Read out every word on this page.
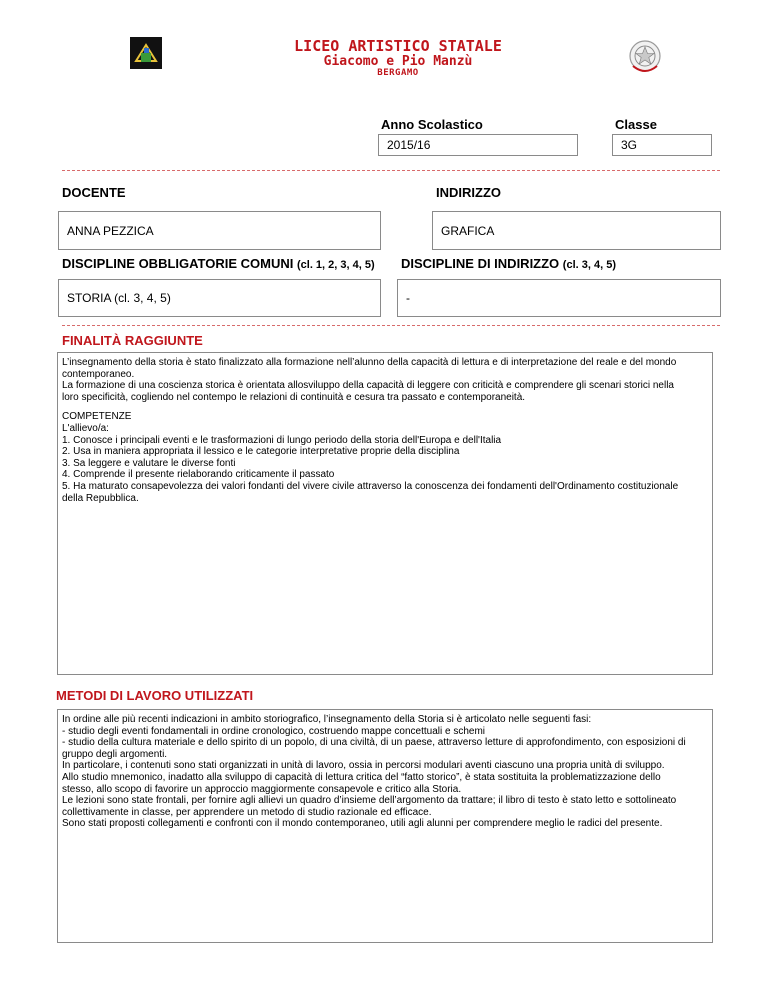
LICEO ARTISTICO STATALE
Giacomo e Pio Manzù
BERGAMO
Anno Scolastico	Classe
2015/16	3G
DOCENTE	INDIRIZZO
ANNA PEZZICA	GRAFICA
DISCIPLINE OBBLIGATORIE COMUNI (cl. 1, 2, 3, 4, 5) DISCIPLINE DI INDIRIZZO (cl. 3, 4, 5)
STORIA (cl. 3, 4, 5)	-
FINALITÀ RAGGIUNTE

L’insegnamento della storia è stato finalizzato alla formazione nell’alunno della capacità di lettura e di interpretazione del reale e del mondo
contemporaneo.
La formazione di una coscienza storica è orientata allosviluppo della capacità di leggere con criticità e comprendere gli scenari storici nella
loro specificità, cogliendo nel contempo le relazioni di continuità e cesura tra passato e contemporaneità.

COMPETENZE
L'allievo/a:
1. Conosce i principali eventi e le trasformazioni di lungo periodo della storia dell'Europa e dell'Italia
2. Usa in maniera appropriata il lessico e le categorie interpretative proprie della disciplina
3. Sa leggere e valutare le diverse fonti
4. Comprende il presente rielaborando criticamente il passato
5. Ha maturato consapevolezza dei valori fondanti del vivere civile attraverso la conoscenza dei fondamenti dell'Ordinamento costituzionale
della Repubblica.

METODI DI LAVORO UTILIZZATI

In ordine alle più recenti indicazioni in ambito storiografico, l’insegnamento della Storia si è articolato nelle seguenti fasi:
- studio degli eventi fondamentali in ordine cronologico, costruendo mappe concettuali e schemi
- studio della cultura materiale e dello spirito di un popolo, di una civiltà, di un paese, attraverso letture di approfondimento, con esposizioni di
gruppo degli argomenti.
In particolare, i contenuti sono stati organizzati in unità di lavoro, ossia in percorsi modulari aventi ciascuno una propria unità di sviluppo.
Allo studio mnemonico, inadatto alla sviluppo di capacità di lettura critica del “fatto storico”, è stata sostituita la problematizzazione dello
stesso, allo scopo di favorire un approccio maggiormente consapevole e critico alla Storia.
Le lezioni sono state frontali, per fornire agli allievi un quadro d’insieme dell’argomento da trattare; il libro di testo è stato letto e sottolineato
collettivamente in classe, per apprendere un metodo di studio razionale ed efficace.
Sono stati proposti collegamenti e confronti con il mondo contemporaneo, utili agli alunni per comprendere meglio le radici del presente.
